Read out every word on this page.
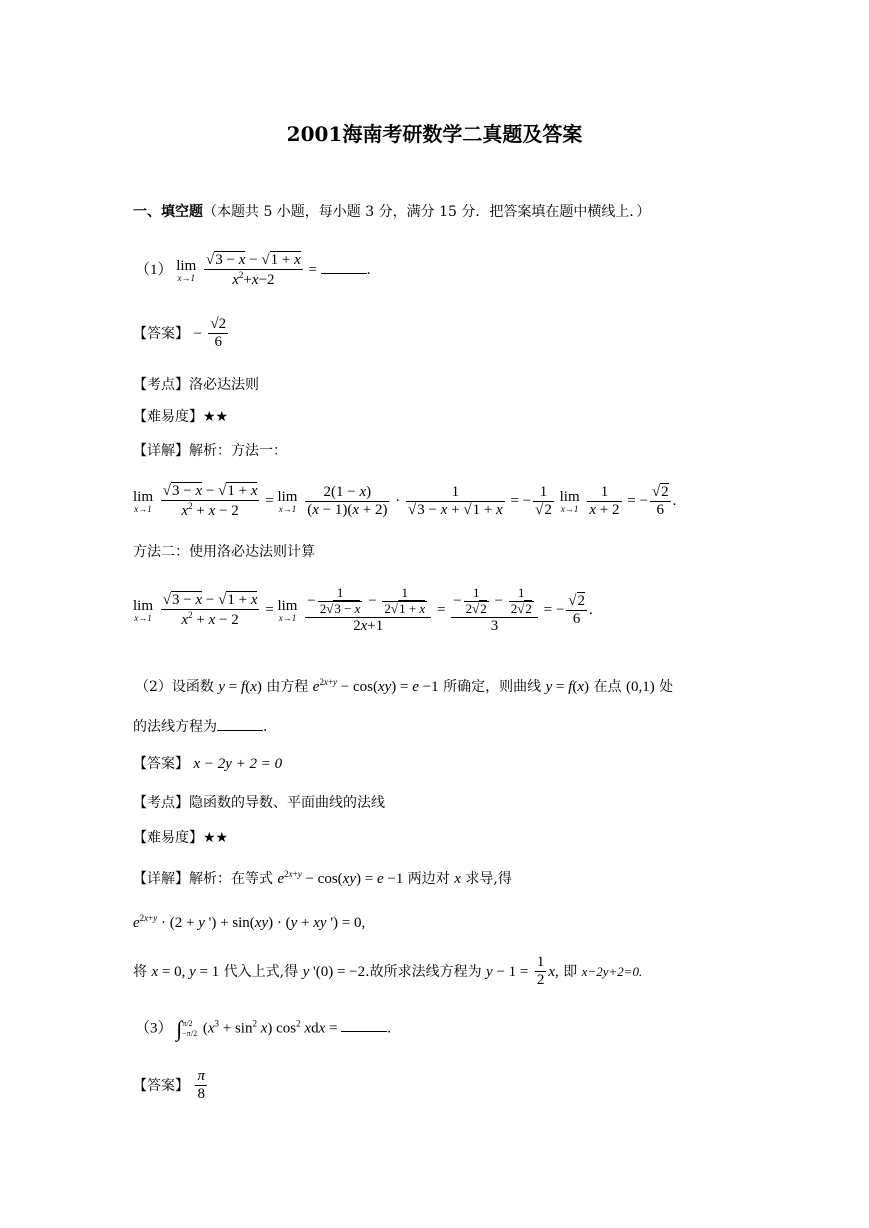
2001海南考研数学二真题及答案
一、填空题（本题共 5 小题，每小题 3 分，满分 15 分．把答案填在题中横线上．）
（1） lim
x→1
$\frac{√3 - x - √1 + x}{x^2+x-2}$ =	.
【答案】 − $\frac{√2}{6}$
【考点】洛必达法则
【难易度】★★
【详解】解析：方法一：
lim
x→1
$\frac{√3 - x - √1 + x}{x^2 + x - 2} = \lim$
x→1
$\frac{2(1 - x)}{(x - 1)(x + 2)} \cdot \frac{1}{√3 - x + √1 + x}$ = − $\frac{1}{√2}$ lim
x→1
$\frac{1}{x + 2}$ = − $\frac{√2}{6}$ .
方法二：使用洛必达法则计算
lim
x→1
$\frac{√3 - x - √1 + x}{x^2 + x - 2} = \lim$
x→1
$\frac{- \frac{1}{2√3 - x} - \frac{1}{2√1 + x}}{2x+1} = \frac{- \frac{1}{2√2} - \frac{1}{2√2}}{3}$ = − $\frac{√2}{6}$ .
（2）设函数 y = f(x) 由方程 $e^{2x+y} - \cos(xy) = e -1$ 所确定，则曲线 y = f(x) 在点 (0,1) 处
的法线方程为	.
【答案】 x − 2y + 2 = 0
【考点】隐函数的导数、平面曲线的法线
【难易度】★★
【详解】解析：在等式 $e^{2x+y} - \cos(xy) = e -1$ 两边对 x 求导,得
$e^{2x+y} \cdot (2 + y$ ') + sin(xy) · (y + xy ') = 0,
将 x = 0, y = 1 代入上式,得 y '(0) = −2.故所求法线方程为 $y - 1 = \frac{1}{2} x$, 即 x−2y+2=0.
（3） ∫π/2
−π/2 $(x^3 + \sin^2 x)$ $\cos^2$ xdx =	.
【答案】 $\frac{\pi}{8}$
